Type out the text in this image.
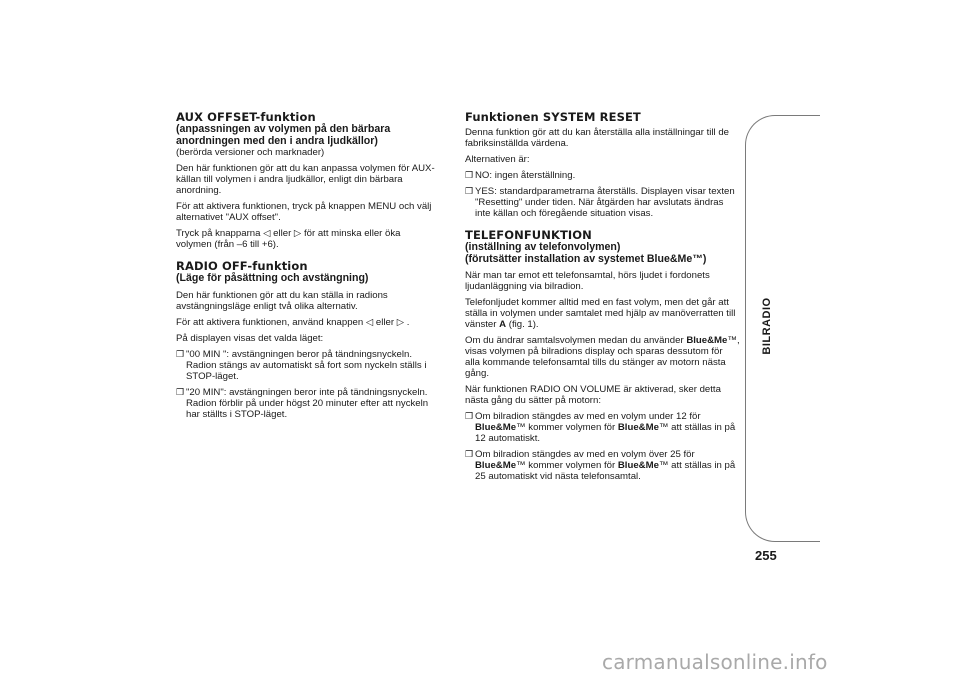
AUX OFFSET-funktion
(anpassningen av volymen på den bärbara
anordningen med den i andra ljudkällor)
(berörda versioner och marknader)

Den här funktionen gör att du kan anpassa volymen för AUX-källan till volymen i andra ljudkällor, enligt din bärbara anordning.

För att aktivera funktionen, tryck på knappen MENU och välj alternativet "AUX offset".

Tryck på knapparna ◁ eller ▷ för att minska eller öka volymen (från –6 till +6).

RADIO OFF-funktion
(Läge för påsättning och avstängning)

Den här funktionen gör att du kan ställa in radions avstängningsläge enligt två olika alternativ.

För att aktivera funktionen, använd knappen ◁ eller ▷ .

På displayen visas det valda läget:

❒ "00 MIN ": avstängningen beror på tändningsnyckeln. Radion stängs av automatiskt så fort som nyckeln ställs i STOP-läget.

❒ "20 MIN": avstängningen beror inte på tändningsnyckeln. Radion förblir på under högst 20 minuter efter att nyckeln har ställts i STOP-läget.

Funktionen SYSTEM RESET

Denna funktion gör att du kan återställa alla inställningar till de fabriksinställda värdena.

Alternativen är:

❒ NO: ingen återställning.

❒ YES: standardparametrarna återställs. Displayen visar texten "Resetting" under tiden. När åtgärden har avslutats ändras inte källan och föregående situation visas.

TELEFONFUNKTION
(inställning av telefonvolymen)
(förutsätter installation av systemet Blue&Me™)

När man tar emot ett telefonsamtal, hörs ljudet i fordonets ljudanläggning via bilradion.

Telefonljudet kommer alltid med en fast volym, men det går att ställa in volymen under samtalet med hjälp av manöverratten till vänster A (fig. 1).

Om du ändrar samtalsvolymen medan du använder Blue&Me™, visas volymen på bilradions display och sparas dessutom för alla kommande telefonsamtal tills du stänger av motorn nästa gång.

När funktionen RADIO ON VOLUME är aktiverad, sker detta nästa gång du sätter på motorn:

❒ Om bilradion stängdes av med en volym under 12 för Blue&Me™ kommer volymen för Blue&Me™ att ställas in på 12 automatiskt.

❒ Om bilradion stängdes av med en volym över 25 för Blue&Me™ kommer volymen för Blue&Me™ att ställas in på 25 automatiskt vid nästa telefonsamtal.

BILRADIO
255
carmanualsonline.info
